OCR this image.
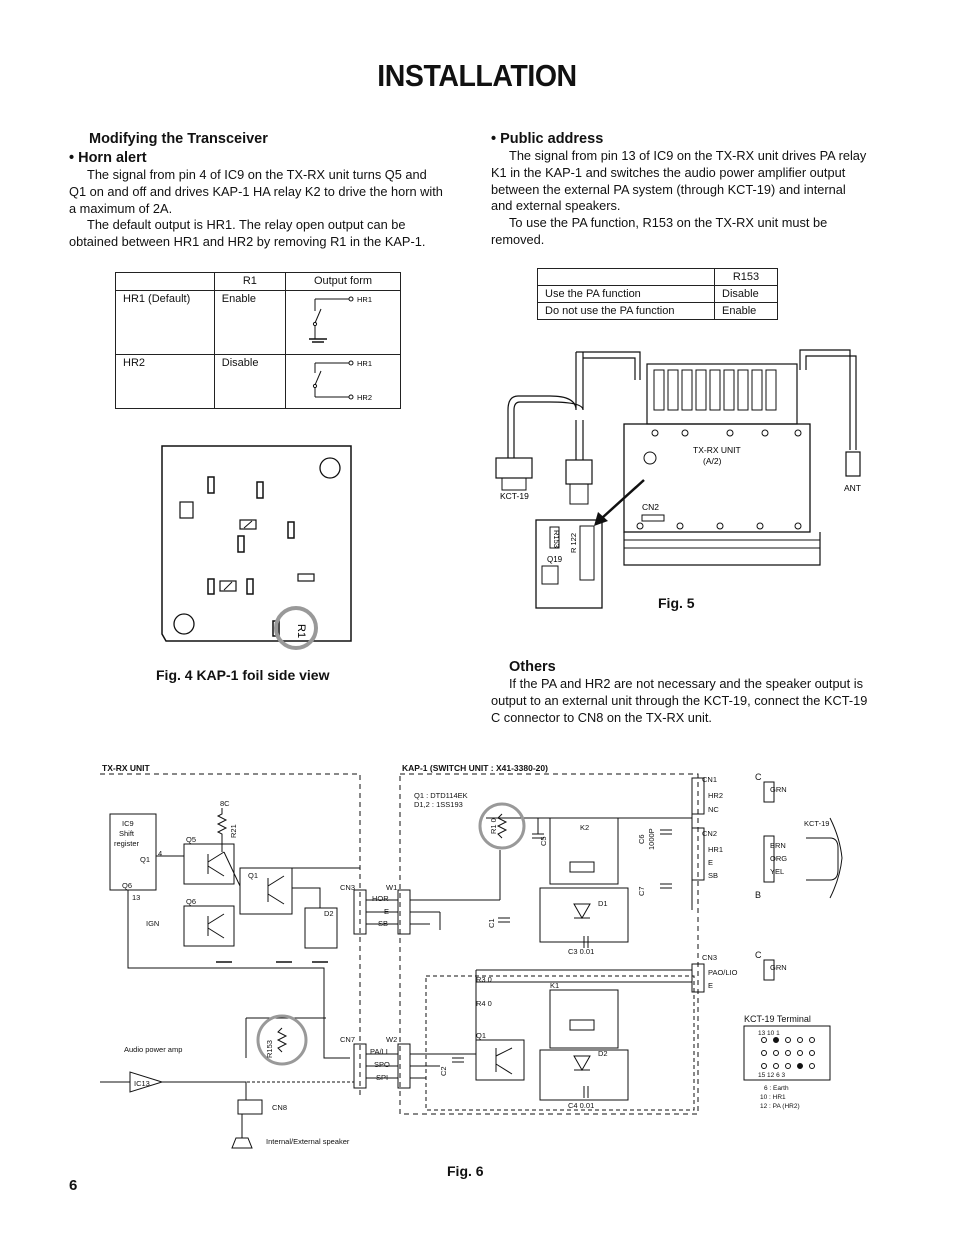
INSTALLATION
Modifying the Transceiver
• Horn alert

The signal from pin 4 of IC9 on the TX-RX unit turns Q5 and Q1 on and off and drives KAP-1 HA relay K2 to drive the horn with a maximum of 2A.

The default output is HR1. The relay open output can be obtained between HR1 and HR2 by removing R1 in the KAP-1.

	R1	Output form
HR1 (Default)	Enable	HR1

HR2	Disable	HR1
HR2
R1
Fig. 4 KAP-1 foil side view
• Public address

The signal from pin 13 of IC9 on the TX-RX unit drives PA relay K1 in the KAP-1 and switches the audio power amplifier output between the external PA system (through KCT-19) and internal and external speakers.

To use the PA function, R153 on the TX-RX unit must be removed.

	R153
Use the PA function	Disable
Do not use the PA function	Enable
TX-RX UNIT
(A/2)
KCT-19
ANT
CN2
R153
Q19
R 122
Fig. 5
Others

If the PA and HR2 are not necessary and the speaker output is output to an external unit through the KCT-19, connect the KCT-19 C connector to CN8 on the TX-RX unit.

TX-RX UNIT	KAP-1 (SWITCH UNIT : X41-3380-20)
Q1 : DTD114EK
D1,2 : 1SS193
IC9
Shift
register
Q1
Q6
4
13
Q5
Q6
Q1
IGN
D2
8C
R21
CN3	W1
HOR
E
SB
CN7	W2
PA/LI
SPO
SPI
CN8
R153
IC13
Audio power amp
Internal/External speaker
K2
K1
D1
D2
Q1
C3 0.01
C4 0.01
R3 0
R4 0
R1 0
C5	C6
C7
C1
C2
1000P
CN1
CN2
CN3
HR2
NC
HR1
E
SB
PAO/LIO
E
C
B
C
KCT-19
GRN
BRN
ORG
YEL
GRN
KCT-19 Terminal
13 10 1
15 12 6 3
6 : Earth
10 : HR1
12 : PA (HR2)
Fig. 6
6
